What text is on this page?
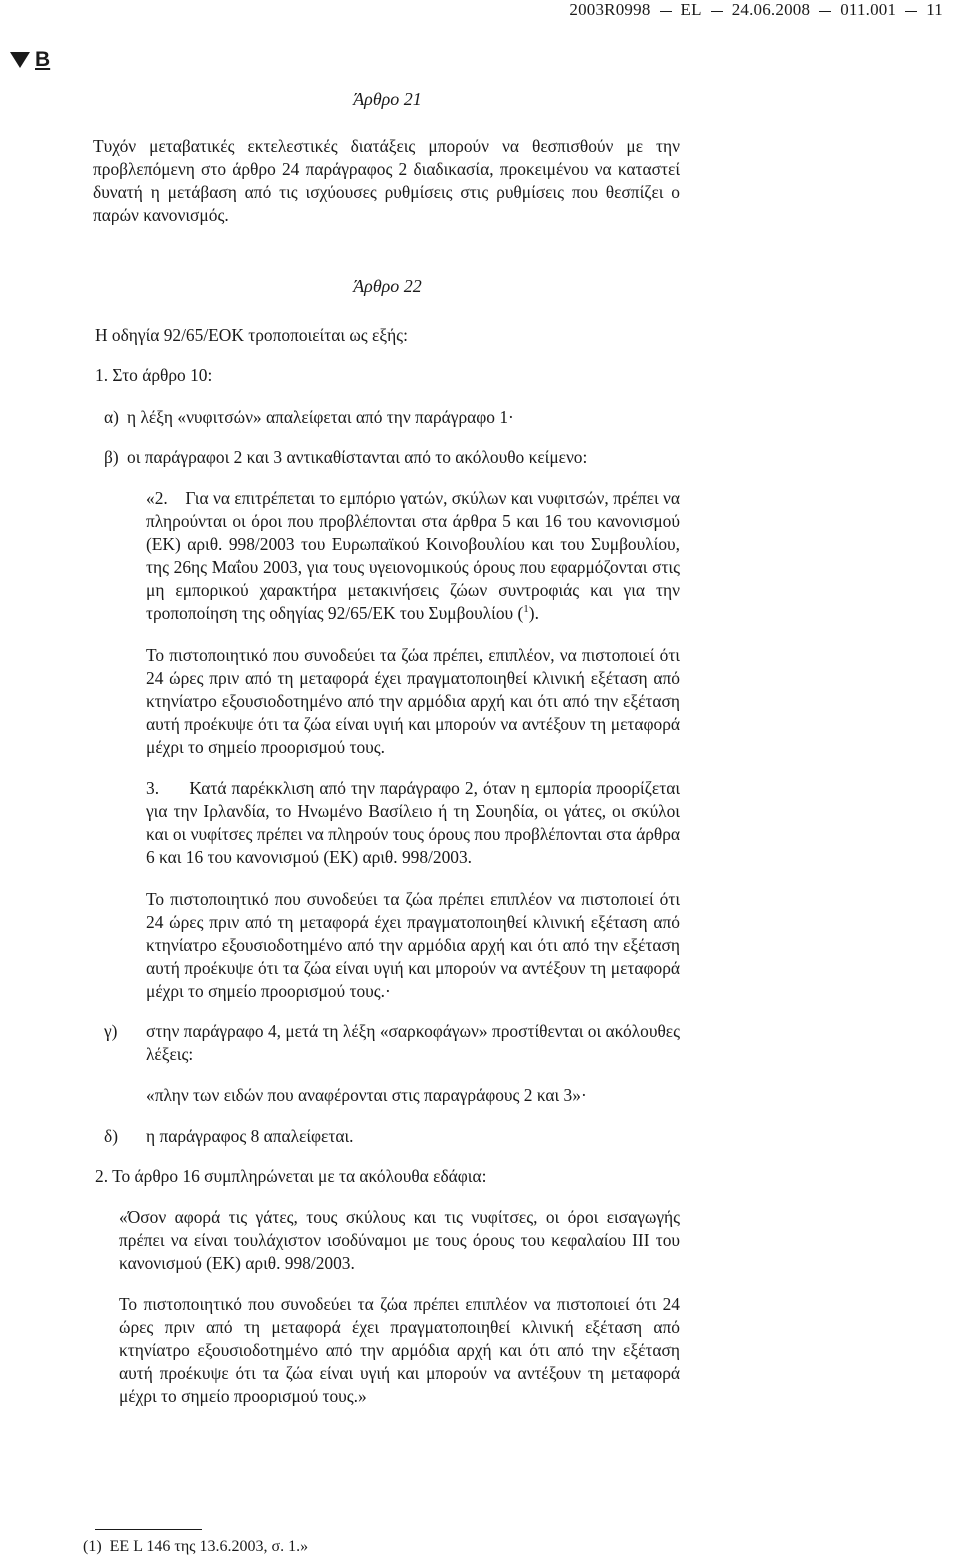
2003R0998 EL 24.06.2008 011.001 11
B
Άρθρο 21

Τυχόν μεταβατικές εκτελεστικές διατάξεις μπορούν να θεσπισθούν με την προβλεπόμενη στο άρθρο 24 παράγραφος 2 διαδικασία, προκειμένου να καταστεί δυνατή η μετάβαση από τις ισχύουσες ρυθμίσεις στις ρυθμίσεις που θεσπίζει ο παρών κανονισμός.

Άρθρο 22

Η οδηγία 92/65/ΕΟΚ τροποποιείται ως εξής:

1. Στο άρθρο 10:

α) η λέξη «νυφιτσών» απαλείφεται από την παράγραφο 1·
β) οι παράγραφοι 2 και 3 αντικαθίστανται από το ακόλουθο κείμενο:
«2. Για να επιτρέπεται το εμπόριο γατών, σκύλων και νυφιτσών, πρέπει να πληρούνται οι όροι που προβλέπονται στα άρθρα 5 και 16 του κανονισμού (ΕΚ) αριθ. 998/2003 του Ευρωπαϊκού Κοινοβουλίου και του Συμβουλίου, της 26ης Μαΐου 2003, για τους υγειονομικούς όρους που εφαρμόζονται στις μη εμπορικού χαρακτήρα μετακινήσεις ζώων συντροφιάς και για την τροποποίηση της οδηγίας 92/65/ΕΚ του Συμβουλίου ($^1$).

Το πιστοποιητικό που συνοδεύει τα ζώα πρέπει, επιπλέον, να πιστοποιεί ότι 24 ώρες πριν από τη μεταφορά έχει πραγματοποιηθεί κλινική εξέταση από κτηνίατρο εξουσιοδοτημένο από την αρμόδια αρχή και ότι από την εξέταση αυτή προέκυψε ότι τα ζώα είναι υγιή και μπορούν να αντέξουν τη μεταφορά μέχρι το σημείο προορισμού τους.

3. Κατά παρέκκλιση από την παράγραφο 2, όταν η εμπορία προορίζεται για την Ιρλανδία, το Ηνωμένο Βασίλειο ή τη Σουηδία, οι γάτες, οι σκύλοι και οι νυφίτσες πρέπει να πληρούν τους όρους που προβλέπονται στα άρθρα 6 και 16 του κανονισμού (ΕΚ) αριθ. 998/2003.

Το πιστοποιητικό που συνοδεύει τα ζώα πρέπει επιπλέον να πιστοποιεί ότι 24 ώρες πριν από τη μεταφορά έχει πραγματοποιηθεί κλινική εξέταση από κτηνίατρο εξουσιοδοτημένο από την αρμόδια αρχή και ότι από την εξέταση αυτή προέκυψε ότι τα ζώα είναι υγιή και μπορούν να αντέξουν τη μεταφορά μέχρι το σημείο προορισμού τους.·

γ)	στην παράγραφο 4, μετά τη λέξη «σαρκοφάγων» προστίθενται οι ακόλουθες λέξεις:

«πλην των ειδών που αναφέρονται στις παραγράφους 2 και 3»·

δ)	η παράγραφος 8 απαλείφεται.

2. Το άρθρο 16 συμπληρώνεται με τα ακόλουθα εδάφια:

«Όσον αφορά τις γάτες, τους σκύλους και τις νυφίτσες, οι όροι εισαγωγής πρέπει να είναι τουλάχιστον ισοδύναμοι με τους όρους του κεφαλαίου ΙΙΙ του κανονισμού (ΕΚ) αριθ. 998/2003.

Το πιστοποιητικό που συνοδεύει τα ζώα πρέπει επιπλέον να πιστοποιεί ότι 24 ώρες πριν από τη μεταφορά έχει πραγματοποιηθεί κλινική εξέταση από κτηνίατρο εξουσιοδοτημένο από την αρμόδια αρχή και ότι από την εξέταση αυτή προέκυψε ότι τα ζώα είναι υγιή και μπορούν να αντέξουν τη μεταφορά μέχρι το σημείο προορισμού τους.»

(1) ΕΕ L 146 της 13.6.2003, σ. 1.»
